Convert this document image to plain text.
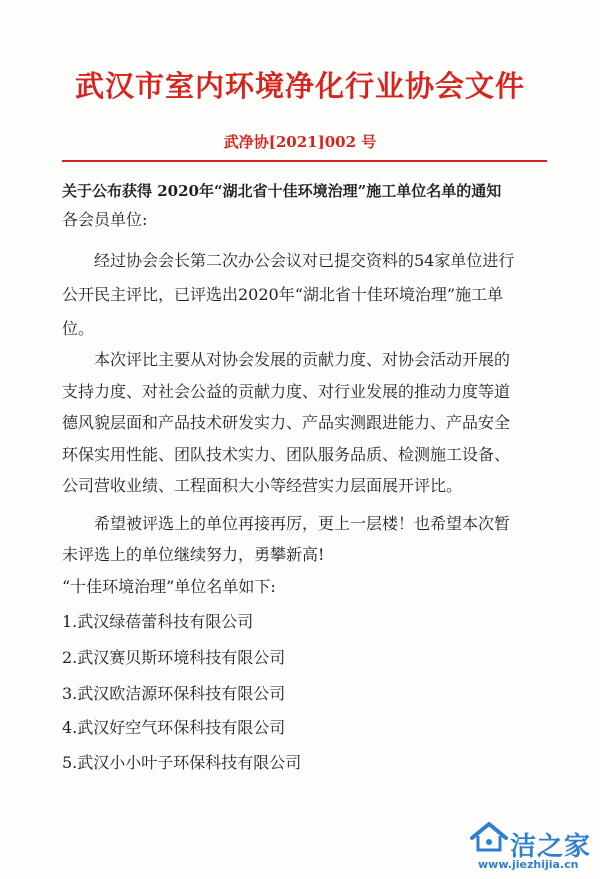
武汉市室内环境净化行业协会文件
武净协[2021]002 号
关于公布获得 2020年“湖北省十佳环境治理”施工单位名单的通知
各会员单位:
经过协会会长第二次办公会议对已提交资料的54家单位进行
公开民主评比，已评选出2020年“湖北省十佳环境治理”施工单
位。
本次评比主要从对协会发展的贡献力度、对协会活动开展的
支持力度、对社会公益的贡献力度、对行业发展的推动力度等道
德风貌层面和产品技术研发实力、产品实测跟进能力、产品安全
环保实用性能、团队技术实力、团队服务品质、检测施工设备、
公司营收业绩、工程面积大小等经营实力层面展开评比。
希望被评选上的单位再接再厉，更上一层楼！也希望本次暂
未评选上的单位继续努力，勇攀新高!
“十佳环境治理”单位名单如下:
1.武汉绿蓓蕾科技有限公司
2.武汉赛贝斯环境科技有限公司
3.武汉欧洁源环保科技有限公司
4.武汉好空气环保科技有限公司
5.武汉小小叶子环保科技有限公司
洁之家
www.jiezhijia.cn
